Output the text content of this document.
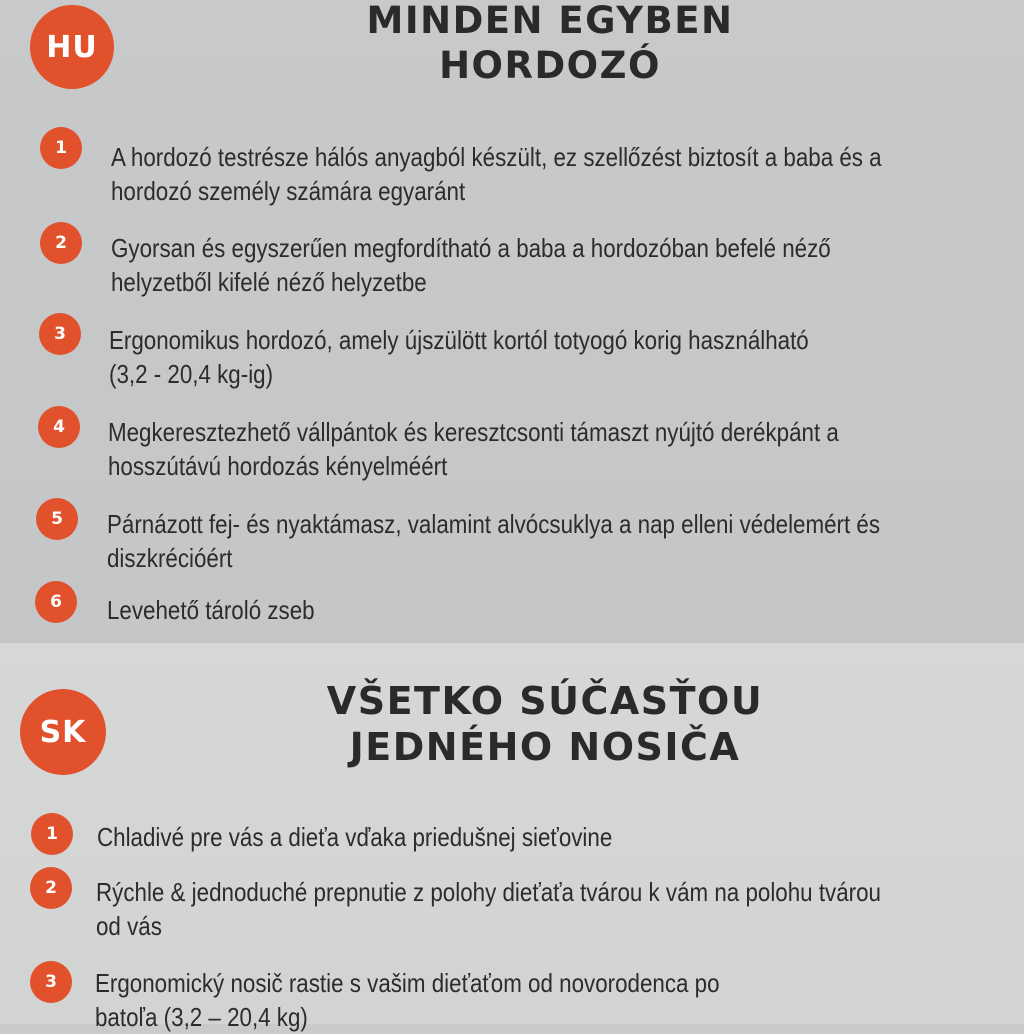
HU
MINDEN EGYBEN
HORDOZÓ
1	A hordozó testrésze hálós anyagból készült, ez szellőzést biztosít a baba és a
hordozó személy számára egyaránt
2	Gyorsan és egyszerűen megfordítható a baba a hordozóban befelé néző
helyzetből kifelé néző helyzetbe
3	Ergonomikus hordozó, amely újszülött kortól totyogó korig használható
(3,2 - 20,4 kg-ig)
4	Megkeresztezhető vállpántok és keresztcsonti támaszt nyújtó derékpánt a
hosszútávú hordozás kényelméért
5	Párnázott fej- és nyaktámasz, valamint alvócsuklya a nap elleni védelemért és
diszkrécióért
6	Levehető tároló zseb
SK
VŠETKO SÚČASŤOU
JEDNÉHO NOSIČA
1	Chladivé pre vás a dieťa vďaka priedušnej sieťovine
2	Rýchle & jednoduché prepnutie z polohy dieťaťa tvárou k vám na polohu tvárou
od vás
3	Ergonomický nosič rastie s vašim dieťaťom od novorodenca po
batoľa (3,2 – 20,4 kg)
